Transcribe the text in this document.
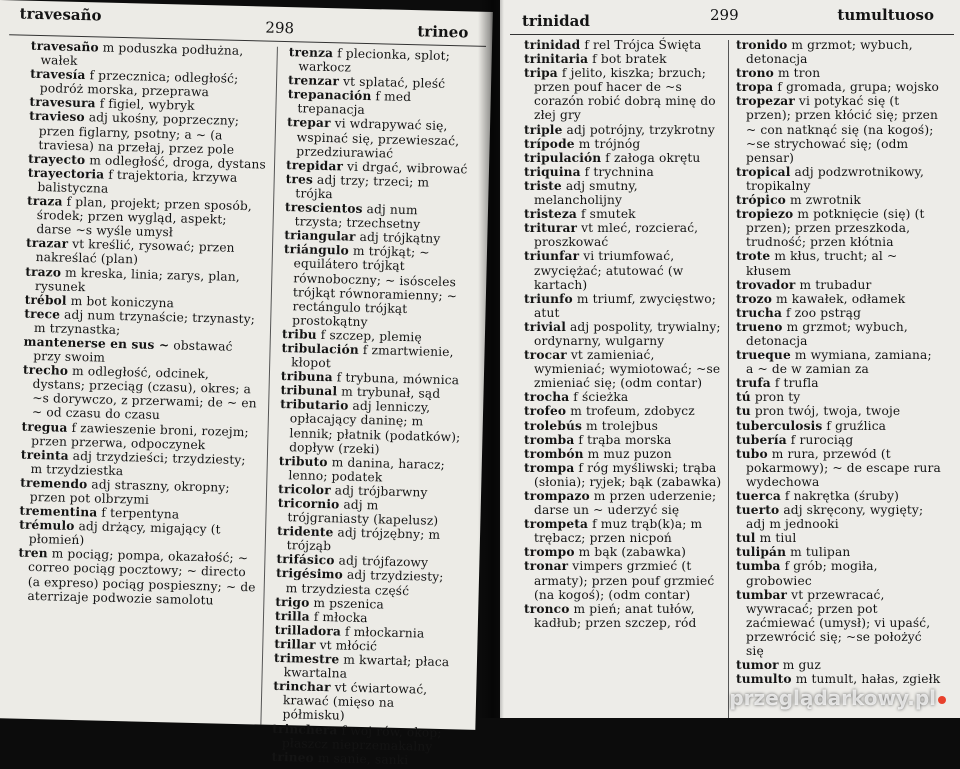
travesaño
298	trineo

travesaño m poduszka podłużna, wałek

travesía f przecznica; odległość; podróż morska, przeprawa

travesura f figiel, wybryk

travieso adj ukośny, poprzeczny; przen figlarny, psotny; a ~ (a traviesa) na przełaj, przez pole

trayecto m odległość, droga, dystans

trayectoria f trajektoria, krzywa balistyczna

traza f plan, projekt; przen sposób, środek; przen wygląd, aspekt; darse ~s wyśle umysł

trazar vt kreślić, rysować; przen nakreślać (plan)

trazo m kreska, linia; zarys, plan, rysunek

trébol m bot koniczyna

trece adj num trzynaście; trzynasty; m trzynastka;

mantenerse en sus ~ obstawać przy swoim

trecho m odległość, odcinek, dystans; przeciąg (czasu), okres; a ~s dorywczo, z przerwami; de ~ en ~ od czasu do czasu

tregua f zawieszenie broni, rozejm; przen przerwa, odpoczynek

treinta adj trzydzieści; trzydziesty; m trzydziestka

tremendo adj straszny, okropny; przen pot olbrzymi

trementina f terpentyna

trémulo adj drżący, migający (t płomień)

tren m pociąg; pompa, okazałość; ~ correo pociąg pocztowy; ~ directo (a expreso) pociąg pospieszny; ~ de aterrizaje podwozie samolotu

trenza f plecionka, splot; warkocz

trenzar vt splatać, pleść

trepanación f med trepanacja

trepar vi wdrapywać się, wspinać się, przewieszać, przedziurawiać

trepidar vi drgać, wibrować

tres adj trzy; trzeci; m trójka

trescientos adj num trzysta; trzechsetny

triangular adj trójkątny

triángulo m trójkąt; ~ equilátero trójkąt równoboczny; ~ isósceles trójkąt równoramienny; ~ rectángulo trójkąt prostokątny

tribu f szczep, plemię

tribulación f zmartwienie, kłopot

tribuna f trybuna, mównica

tribunal m trybunał, sąd

tributario adj lenniczy, opłacający daninę; m lennik; płatnik (podatków); dopływ (rzeki)

tributo m danina, haracz; lenno; podatek

tricolor adj trójbarwny

tricornio adj m trójgraniasty (kapelusz)

tridente adj trójzębny; m trójząb

trifásico adj trójfazowy

trigésimo adj trzydziesty; m trzydziesta część

trigo m pszenica

trilla f młocka

trilladora f młockarnia

trillar vt młócić

trimestre m kwartał; płaca kwartalna

trinchar vt ćwiartować, krawać (mięso na półmisku)

trinchera f woj rów, okop; płaszcz nieprzemakalny

trineo m sanie, sanki

trinidad	299	tumultuoso

trinidad f rel Trójca Święta

trinitaria f bot bratek

tripa f jelito, kiszka; brzuch; przen pouf hacer de ~s corazón robić dobrą minę do złej gry

triple adj potrójny, trzykrotny

trípode m trójnóg

tripulación f załoga okrętu

triquina f trychnina

triste adj smutny, melancholijny

tristeza f smutek

triturar vt mleć, rozcierać, proszkować

triunfar vi triumfować, zwyciężać; atutować (w kartach)

triunfo m triumf, zwycięstwo; atut

trivial adj pospolity, trywialny; ordynarny, wulgarny

trocar vt zamieniać, wymieniać; wymiotować; ~se zmieniać się; (odm contar)

trocha f ścieżka

trofeo m trofeum, zdobycz

trolebús m trolejbus

tromba f trąba morska

trombón m muz puzon

trompa f róg myśliwski; trąba (słonia); ryjek; bąk (zabawka)

trompazo m przen uderzenie; darse un ~ uderzyć się

trompeta f muz trąb(k)a; m trębacz; przen nicpoń

trompo m bąk (zabawka)

tronar vimpers grzmieć (t armaty); przen pouf grzmieć (na kogoś); (odm contar)

tronco m pień; anat tułów, kadłub; przen szczep, ród

tronido m grzmot; wybuch, detonacja

trono m tron

tropa f gromada, grupa; wojsko

tropezar vi potykać się (t przen); przen kłócić się; przen ~ con natknąć się (na kogoś); ~se strychować się; (odm pensar)

tropical adj podzwrotnikowy, tropikalny

trópico m zwrotnik

tropiezo m potknięcie (się) (t przen); przen przeszkoda, trudność; przen kłótnia

trote m kłus, trucht; al ~ kłusem

trovador m trubadur

trozo m kawałek, odłamek

trucha f zoo pstrąg

trueno m grzmot; wybuch, detonacja

trueque m wymiana, zamiana; a ~ de w zamian za

trufa f trufla

tú pron ty

tu pron twój, twoja, twoje

tuberculosis f gruźlica

tubería f rurociąg

tubo m rura, przewód (t pokarmowy); ~ de escape rura wydechowa

tuerca f nakrętka (śruby)

tuerto adj skręcony, wygięty; adj m jednooki

tul m tiul

tulipán m tulipan

tumba f grób; mogiła, grobowiec

tumbar vt przewracać, wywracać; przen pot zaćmiewać (umysł); vi upaść, przewrócić się; ~se położyć się

tumor m guz

tumulto m tumult, hałas, zgiełk

przeglądarkowy.pl
